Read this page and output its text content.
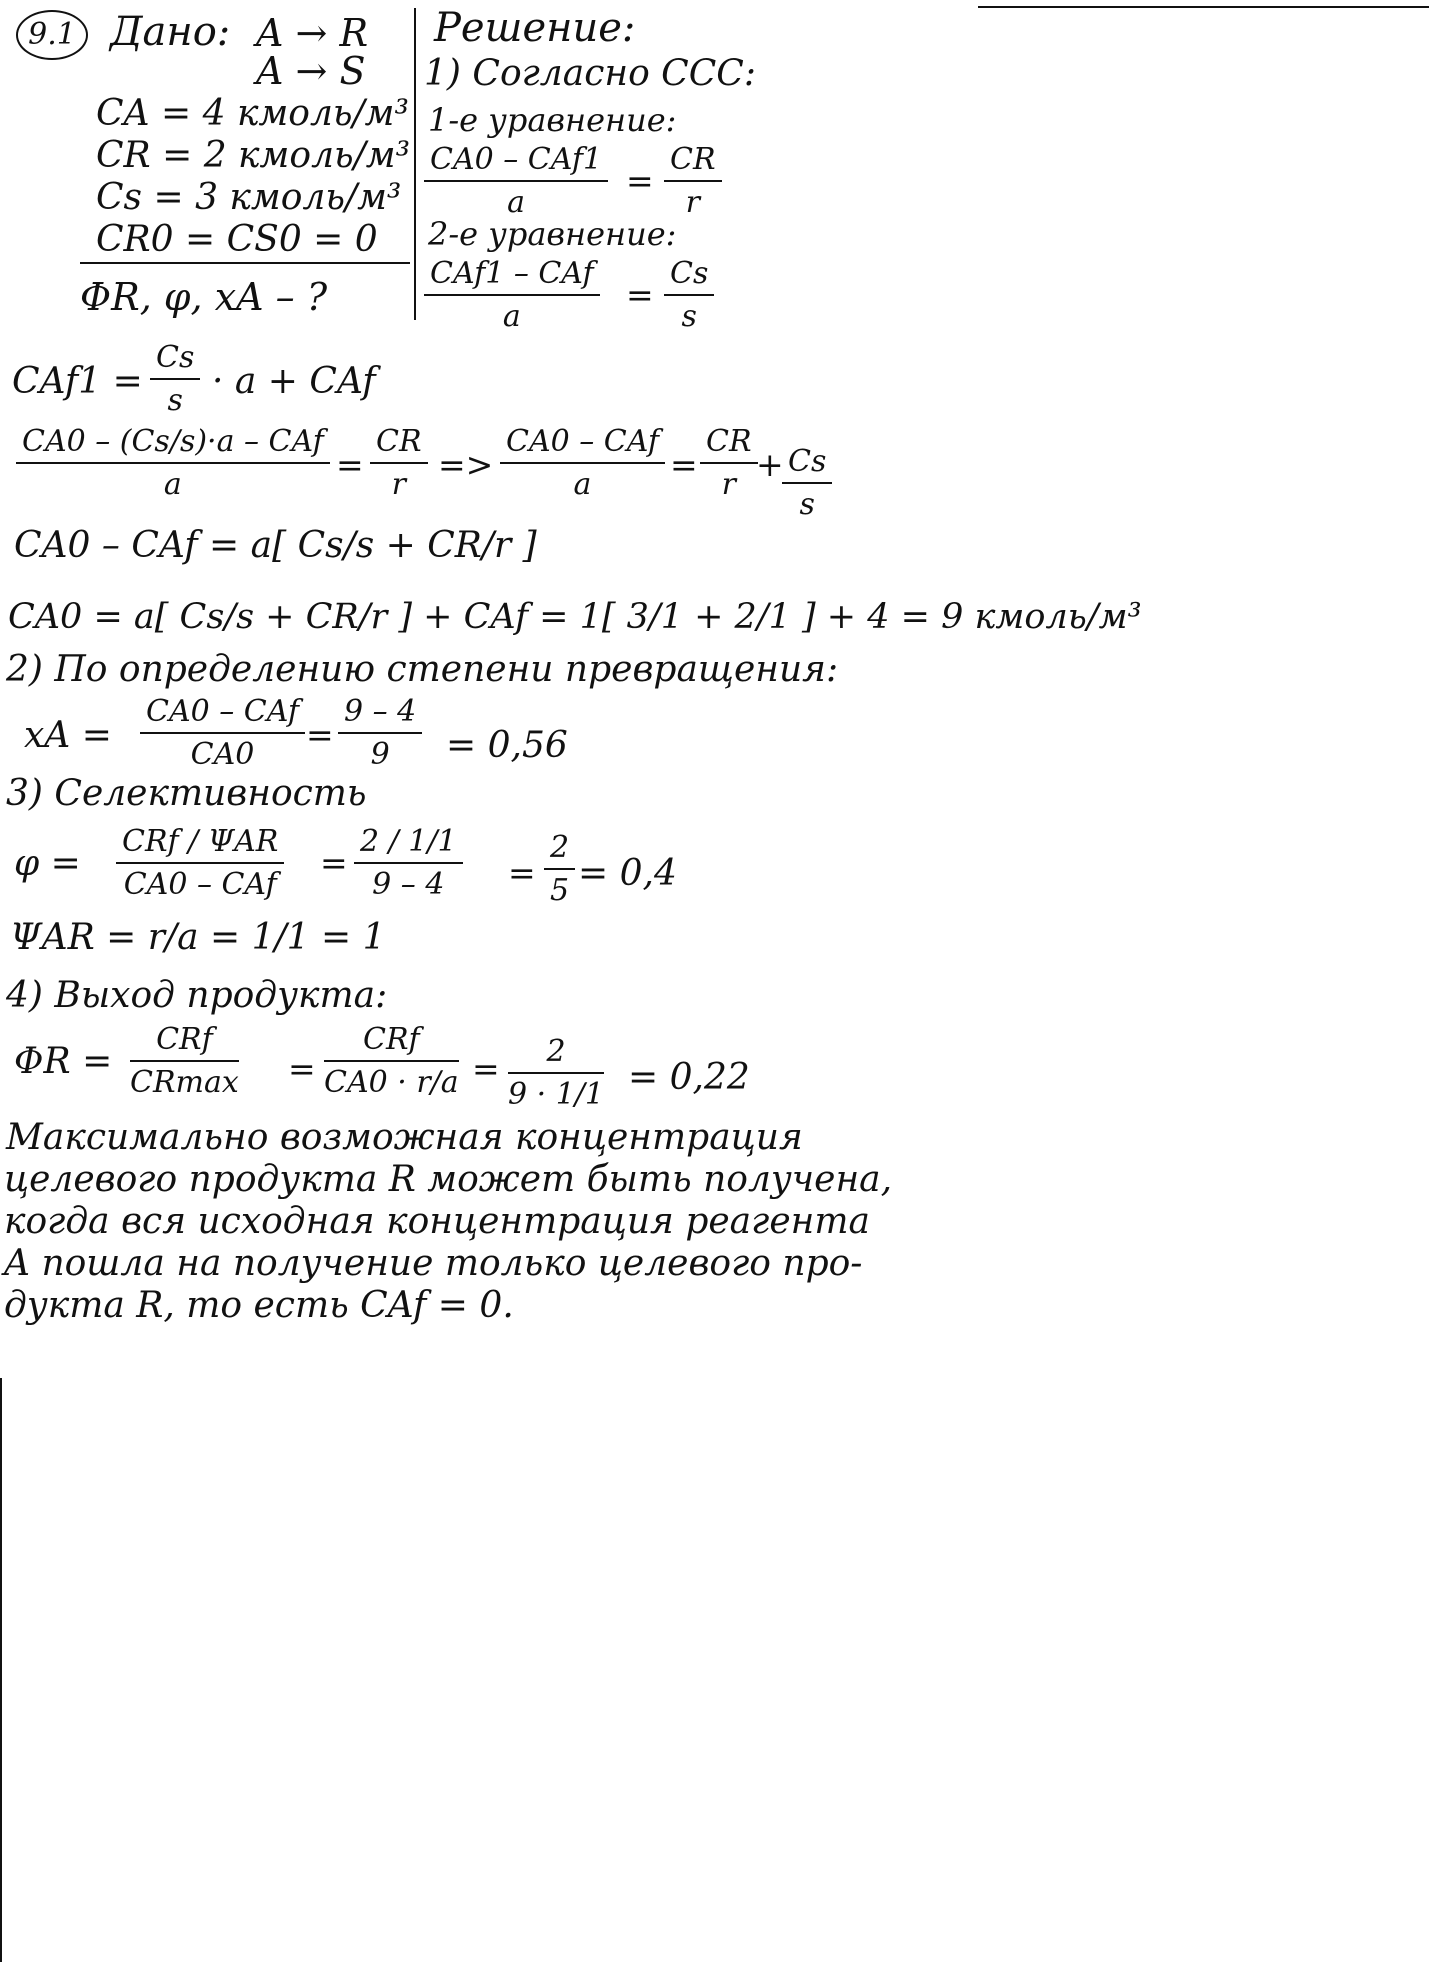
9.1 Дано: A → R
A → S
CA = 4 кмоль/м³
CR = 2 кмоль/м³
Cs = 3 кмоль/м³
CR0 = CS0 = 0
ΦR, φ, xA – ?
Решение:
1) Согласно ССС:
1-е уравнение:
CA0 – CAf1
a
= $\frac{CR}{r}$
2-е уравнение:
CAf1 – CAf
a
= $\frac{Cs}{s}$
$CAf1 = \frac{Cs}{s} \cdot a$ + CAf
CA0 – (Cs/s)·a – CAf
a
= $\frac{CR}{r}$ =>
CA0 – CAf
a
= $\frac{CR}{r}$
+
$\frac{Cs}{s}$
CA0 – CAf = a[ Cs/s + CR/r ]
CA0 = a[ Cs/s + CR/r ] + CAf = 1[ 3/1 + 2/1 ] + 4 = 9 кмоль/м³
2) По определению степени превращения:
xA =
CA0 – CAf
CA0
= $\frac{9 - 4}{9} = 0,56$
3) Селективность
φ =
CRf / ΨAR
CA0 – CAf
= $\frac{2 / 1/1}{9 - 4} = \frac{2}{5} = 0,4$
ΨAR = r/a = 1/1 = 1
4) Выход продукта:
ΦR =
CRf
CRmax =
CRf
$CA0 \cdot r/a = \frac{2}{9 \cdot 1/1} = 0,22$
Максимально возможная концентрация
целевого продукта R может быть получена,
когда вся исходная концентрация реагента
A пошла на получение только целевого про-
дукта R, то есть CAf = 0.
